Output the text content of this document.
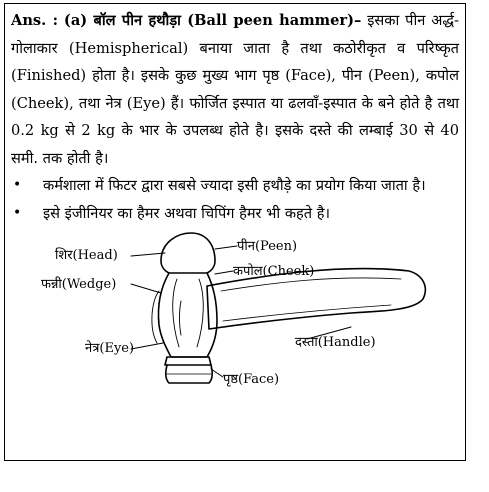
Ans. : (a) बॉल पीन हथौड़ा (Ball peen hammer)– इसका पीन अर्द्ध-गोलाकार (Hemispherical) बनाया जाता है तथा कठोरीकृत व परिष्कृत (Finished) होता है। इसके कुछ मुख्य भाग पृष्ठ (Face), पीन (Peen), कपोल (Cheek), तथा नेत्र (Eye) हैं। फोर्जित इस्पात या ढलवाँ-इस्पात के बने होते है तथा 0.2 kg से 2 kg के भार के उपलब्ध होते है। इसके दस्ते की लम्बाई 30 से 40 समी. तक होती है।

• कर्मशाला में फिटर द्वारा सबसे ज्यादा इसी हथौड़े का प्रयोग किया जाता है।
• इसे इंजीनियर का हैमर अथवा चिपिंग हैमर भी कहते है।
शिर(Head)
फन्नी(Wedge)
नेत्र(Eye)
पीन(Peen)
कपोल(Cheek)
दस्ता(Handle)
पृष्ठ(Face)
